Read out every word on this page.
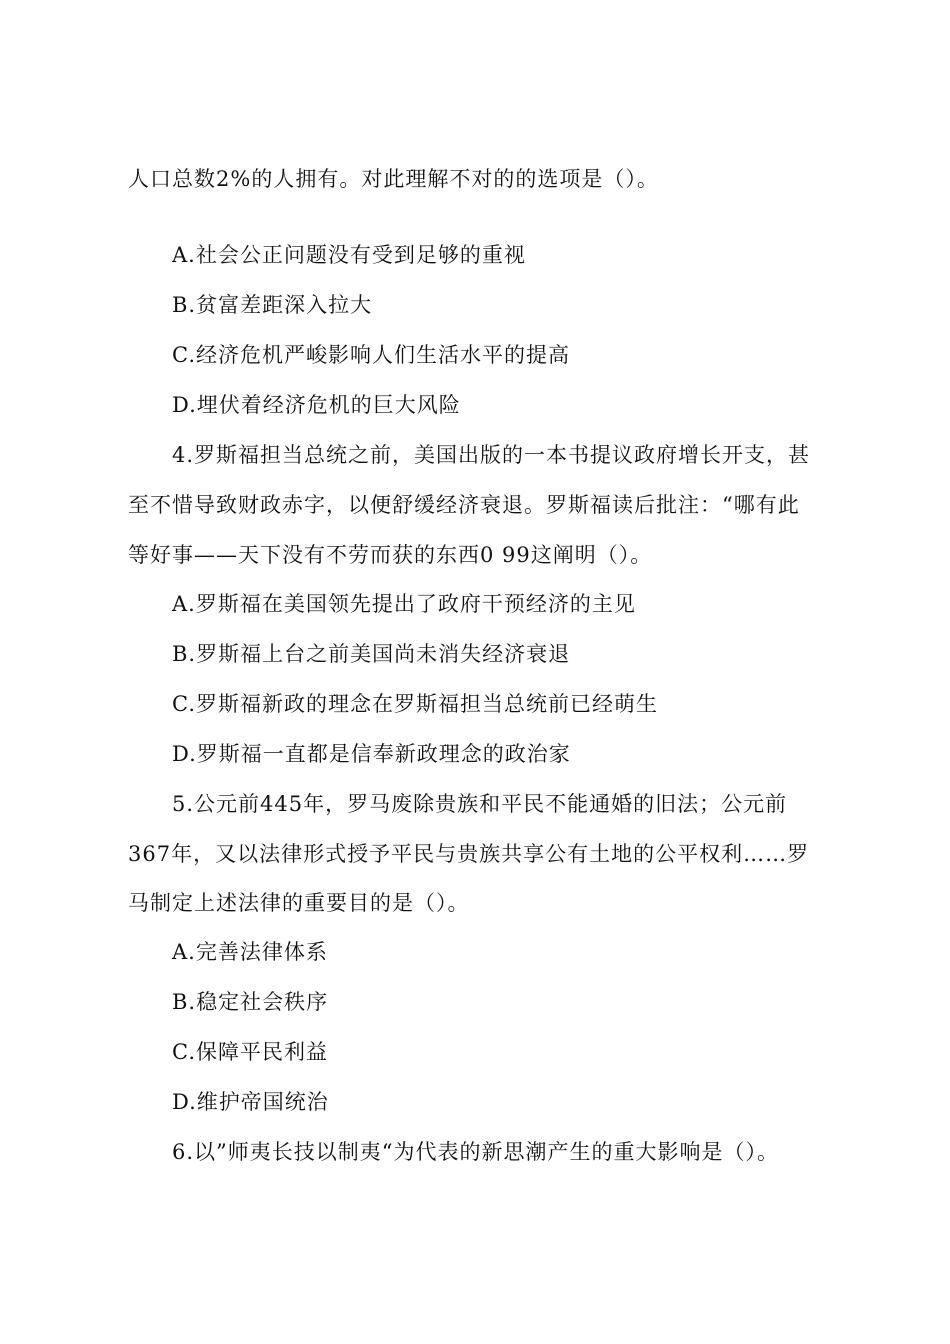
人口总数2%的人拥有。对此理解不对的的选项是（）。
A.社会公正问题没有受到足够的重视
B.贫富差距深入拉大
C.经济危机严峻影响人们生活水平的提高
D.埋伏着经济危机的巨大风险
4.罗斯福担当总统之前，美国出版的一本书提议政府增长开支，甚
至不惜导致财政赤字，以便舒缓经济衰退。罗斯福读后批注：“哪有此
等好事——天下没有不劳而获的东西0 99这阐明（）。
A.罗斯福在美国领先提出了政府干预经济的主见
B.罗斯福上台之前美国尚未消失经济衰退
C.罗斯福新政的理念在罗斯福担当总统前已经萌生
D.罗斯福一直都是信奉新政理念的政治家
5.公元前445年，罗马废除贵族和平民不能通婚的旧法；公元前
367年，又以法律形式授予平民与贵族共享公有土地的公平权利……罗
马制定上述法律的重要目的是（）。
A.完善法律体系
B.稳定社会秩序
C.保障平民利益
D.维护帝国统治
6.以”师夷长技以制夷“为代表的新思潮产生的重大影响是（）。
